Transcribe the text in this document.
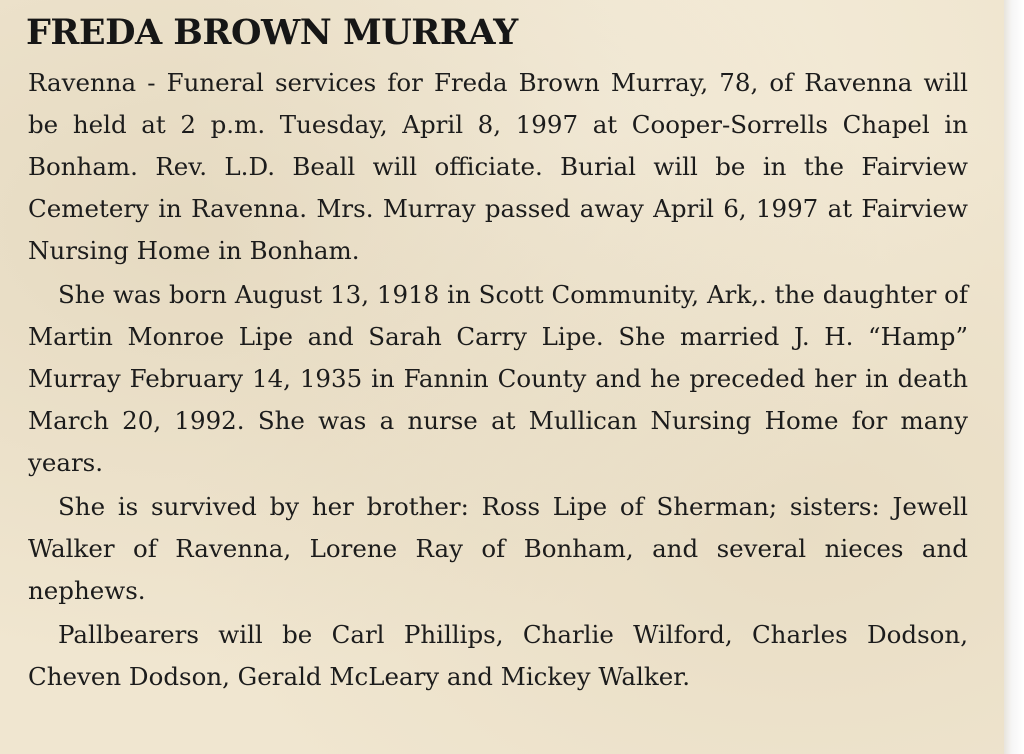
FREDA BROWN MURRAY

Ravenna - Funeral services for Freda Brown Murray, 78, of Ravenna will be held at 2 p.m. Tuesday, April 8, 1997 at Cooper-Sorrells Chapel in Bonham. Rev. L.D. Beall will officiate. Burial will be in the Fairview Cemetery in Ravenna. Mrs. Murray passed away April 6, 1997 at Fairview Nursing Home in Bonham.

She was born August 13, 1918 in Scott Community, Ark,. the daughter of Martin Monroe Lipe and Sarah Carry Lipe. She married J. H. “Hamp” Murray February 14, 1935 in Fannin County and he preceded her in death March 20, 1992. She was a nurse at Mullican Nursing Home for many years.

She is survived by her brother: Ross Lipe of Sherman; sisters: Jewell Walker of Ravenna, Lorene Ray of Bonham, and several nieces and nephews.

Pallbearers will be Carl Phillips, Charlie Wilford, Charles Dodson, Cheven Dodson, Gerald McLeary and Mickey Walker.
